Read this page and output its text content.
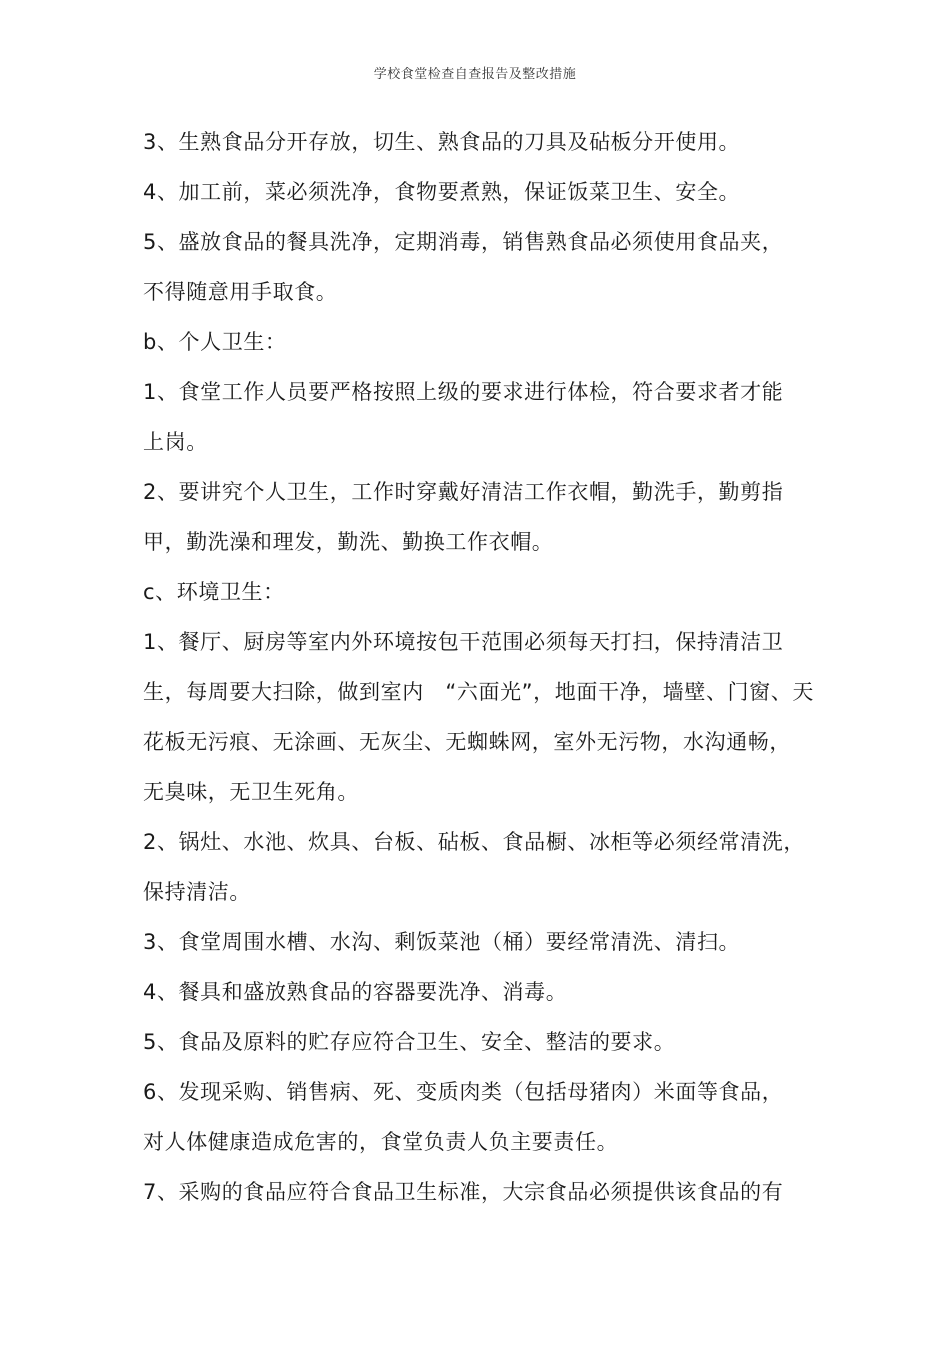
学校食堂检查自查报告及整改措施
3、生熟食品分开存放，切生、熟食品的刀具及砧板分开使用。
4、加工前，菜必须洗净，食物要煮熟，保证饭菜卫生、安全。
5、盛放食品的餐具洗净，定期消毒，销售熟食品必须使用食品夹，
不得随意用手取食。
b、个人卫生：
1、食堂工作人员要严格按照上级的要求进行体检，符合要求者才能
上岗。
2、要讲究个人卫生，工作时穿戴好清洁工作衣帽，勤洗手，勤剪指
甲，勤洗澡和理发，勤洗、勤换工作衣帽。
c、环境卫生：
1、餐厅、厨房等室内外环境按包干范围必须每天打扫，保持清洁卫
生，每周要大扫除，做到室内　“六面光”，地面干净，墙壁、门窗、天
花板无污痕、无涂画、无灰尘、无蜘蛛网，室外无污物，水沟通畅，
无臭味，无卫生死角。
2、锅灶、水池、炊具、台板、砧板、食品橱、冰柜等必须经常清洗，
保持清洁。
3、食堂周围水槽、水沟、剩饭菜池（桶）要经常清洗、清扫。
4、餐具和盛放熟食品的容器要洗净、消毒。
5、食品及原料的贮存应符合卫生、安全、整洁的要求。
6、发现采购、销售病、死、变质肉类（包括母猪肉）米面等食品，
对人体健康造成危害的，食堂负责人负主要责任。
7、采购的食品应符合食品卫生标准，大宗食品必须提供该食品的有
